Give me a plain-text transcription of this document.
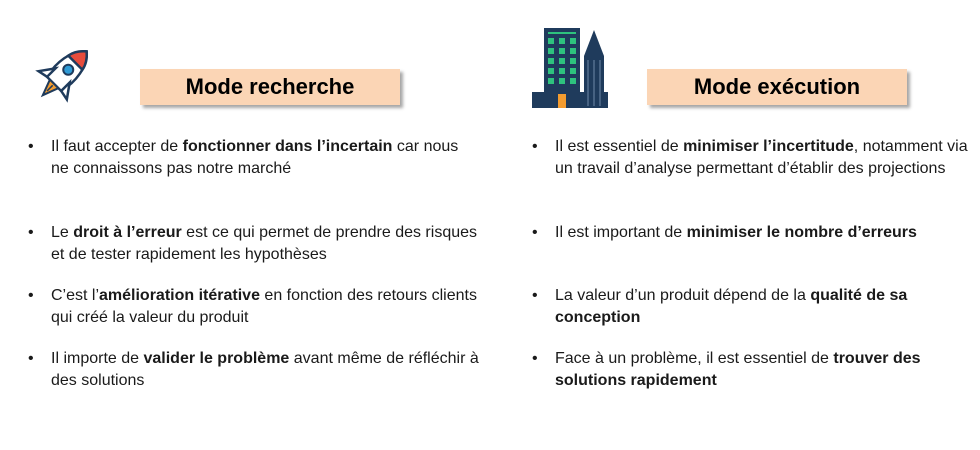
Mode recherche
• Il faut accepter de fonctionner dans l’incertain car nous ne connaissons pas notre marché
• Le droit à l’erreur est ce qui permet de prendre des risques et de tester rapidement les hypothèses
• C’est l’amélioration itérative en fonction des retours clients qui créé la valeur du produit
• Il importe de valider le problème avant même de réfléchir à des solutions
Mode exécution
• Il est essentiel de minimiser l’incertitude, notamment via un travail d’analyse permettant d’établir des projections
• Il est important de minimiser le nombre d’erreurs
• La valeur d’un produit dépend de la qualité de sa conception
• Face à un problème, il est essentiel de trouver des solutions rapidement
